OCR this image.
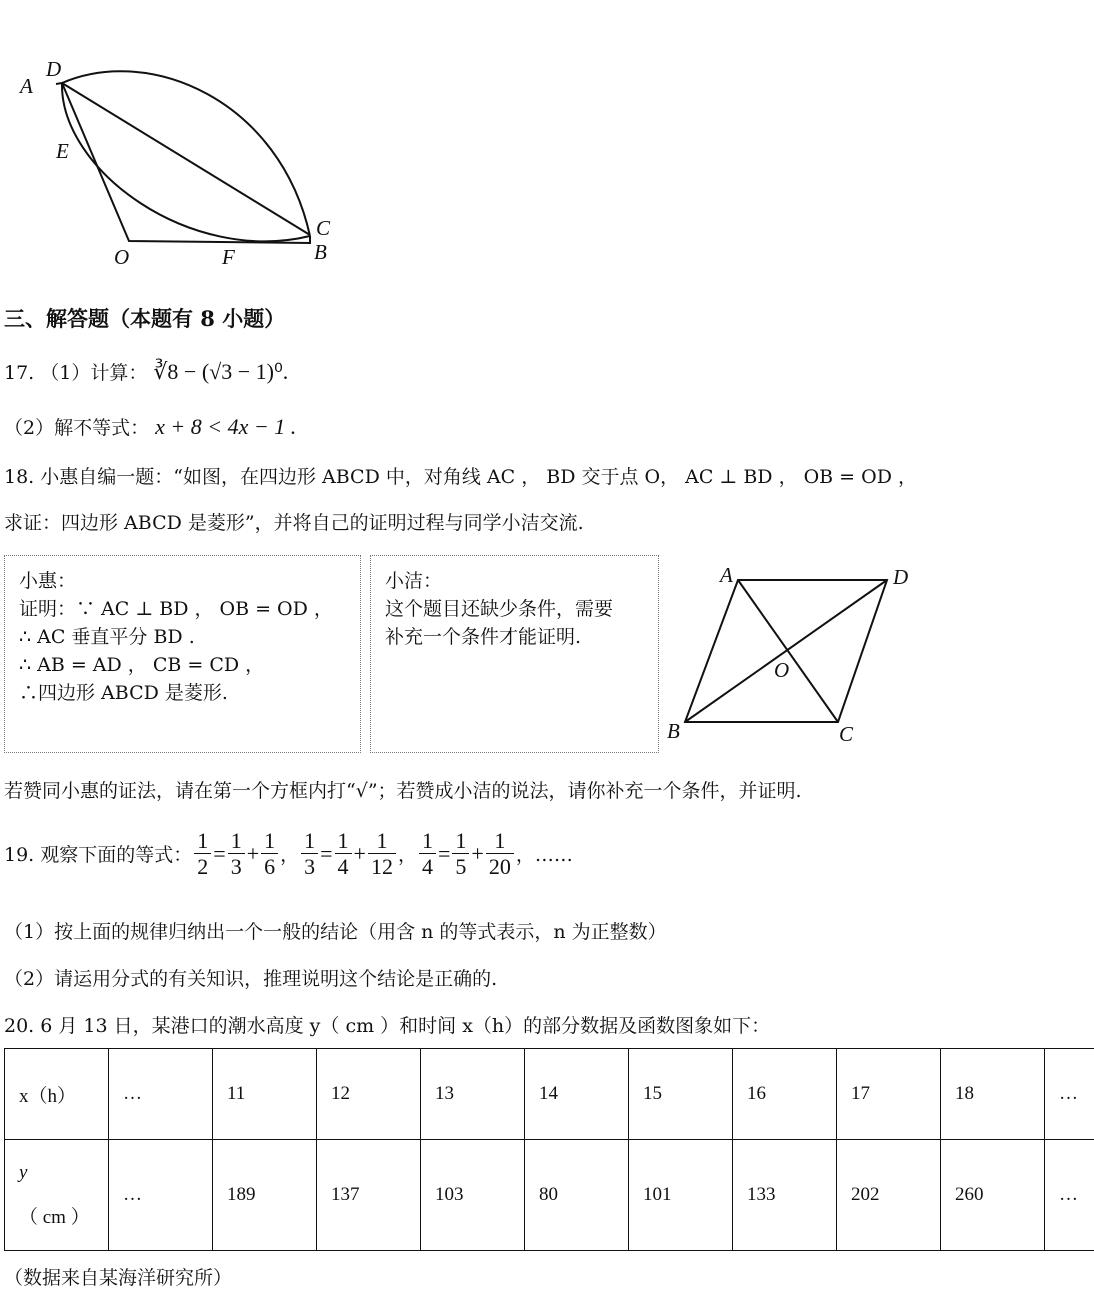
D
A
E
O	F
C
B
三、解答题（本题有 8 小题）
17. （1）计算： ∛8 − (√3 − 1)⁰.
（2）解不等式： x + 8 < 4x − 1 .
18. 小惠自编一题：“如图，在四边形 ABCD 中，对角线 AC ， BD 交于点 O， AC ⊥ BD ， OB = OD ，
求证：四边形 ABCD 是菱形”，并将自己的证明过程与同学小洁交流.
小惠：
证明：∵ AC ⊥ BD ， OB = OD ，
∴ AC 垂直平分 BD .
∴ AB = AD ， CB = CD ，
∴四边形 ABCD 是菱形.
小洁：
这个题目还缺少条件，需要
补充一个条件才能证明.
A	D
O
B	C
若赞同小惠的证法，请在第一个方框内打“√”；若赞成小洁的说法，请你补充一个条件，并证明.
19. 观察下面的等式： $\frac{1}{2} = \frac{1}{3} + \frac{1}{6}$ ， $\frac{1}{3} = \frac{1}{4} + \frac{1}{12}$ ， $\frac{1}{4} = \frac{1}{5} + \frac{1}{20}$ ，……
（1）按上面的规律归纳出一个一般的结论（用含 n 的等式表示，n 为正整数）
（2）请运用分式的有关知识，推理说明这个结论是正确的.
20. 6 月 13 日，某港口的潮水高度 y（ cm ）和时间 x（h）的部分数据及函数图象如下：
x（h）	…	11	12	13	14	15	16	17	18	…

y
（ cm ）	…	189	137	103	80	101	133	202	260	…
（数据来自某海洋研究所）
